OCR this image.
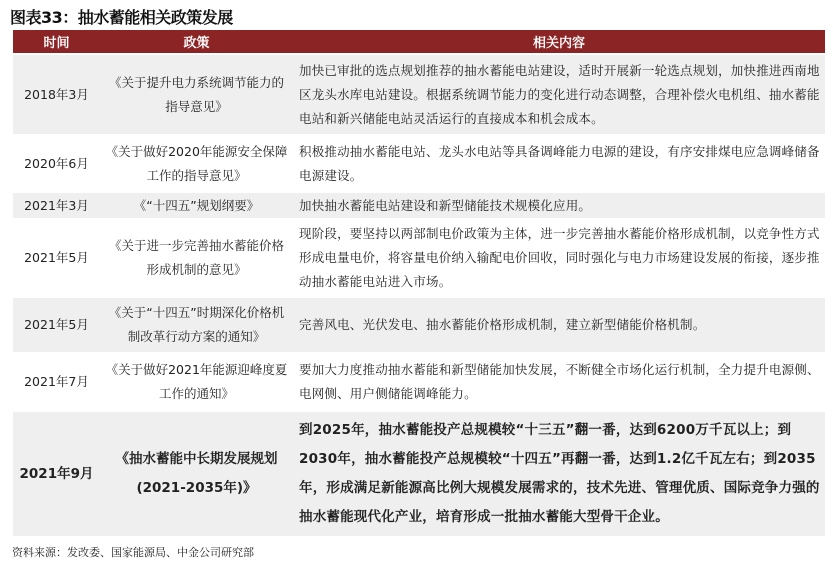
图表33：抽水蓄能相关政策发展
时间	政策	相关内容
2018年3月	《关于提升电力系统调节能力的指导意见》	加快已审批的选点规划推荐的抽水蓄能电站建设，适时开展新一轮选点规划，加快推进西南地区龙头水库电站建设。根据系统调节能力的变化进行动态调整，合理补偿火电机组、抽水蓄能电站和新兴储能电站灵活运行的直接成本和机会成本。
2020年6月	《关于做好2020年能源安全保障工作的指导意见》	积极推动抽水蓄能电站、龙头水电站等具备调峰能力电源的建设，有序安排煤电应急调峰储备电源建设。
2021年3月	《“十四五”规划纲要》	加快抽水蓄能电站建设和新型储能技术规模化应用。
2021年5月	《关于进一步完善抽水蓄能价格形成机制的意见》	现阶段，要坚持以两部制电价政策为主体，进一步完善抽水蓄能价格形成机制，以竞争性方式形成电量电价，将容量电价纳入输配电价回收，同时强化与电力市场建设发展的衔接，逐步推动抽水蓄能电站进入市场。
2021年5月	《关于“十四五”时期深化价格机制改革行动方案的通知》	完善风电、光伏发电、抽水蓄能价格形成机制，建立新型储能价格机制。
2021年7月	《关于做好2021年能源迎峰度夏工作的通知》	要加大力度推动抽水蓄能和新型储能加快发展，不断健全市场化运行机制，全力提升电源侧、电网侧、用户侧储能调峰能力。
2021年9月	《抽水蓄能中长期发展规划(2021-2035年)》	到2025年，抽水蓄能投产总规模较“十三五”翻一番，达到6200万千瓦以上；到2030年，抽水蓄能投产总规模较“十四五”再翻一番，达到1.2亿千瓦左右；到2035年，形成满足新能源高比例大规模发展需求的，技术先进、管理优质、国际竞争力强的抽水蓄能现代化产业，培育形成一批抽水蓄能大型骨干企业。
资料来源：发改委、国家能源局、中金公司研究部
